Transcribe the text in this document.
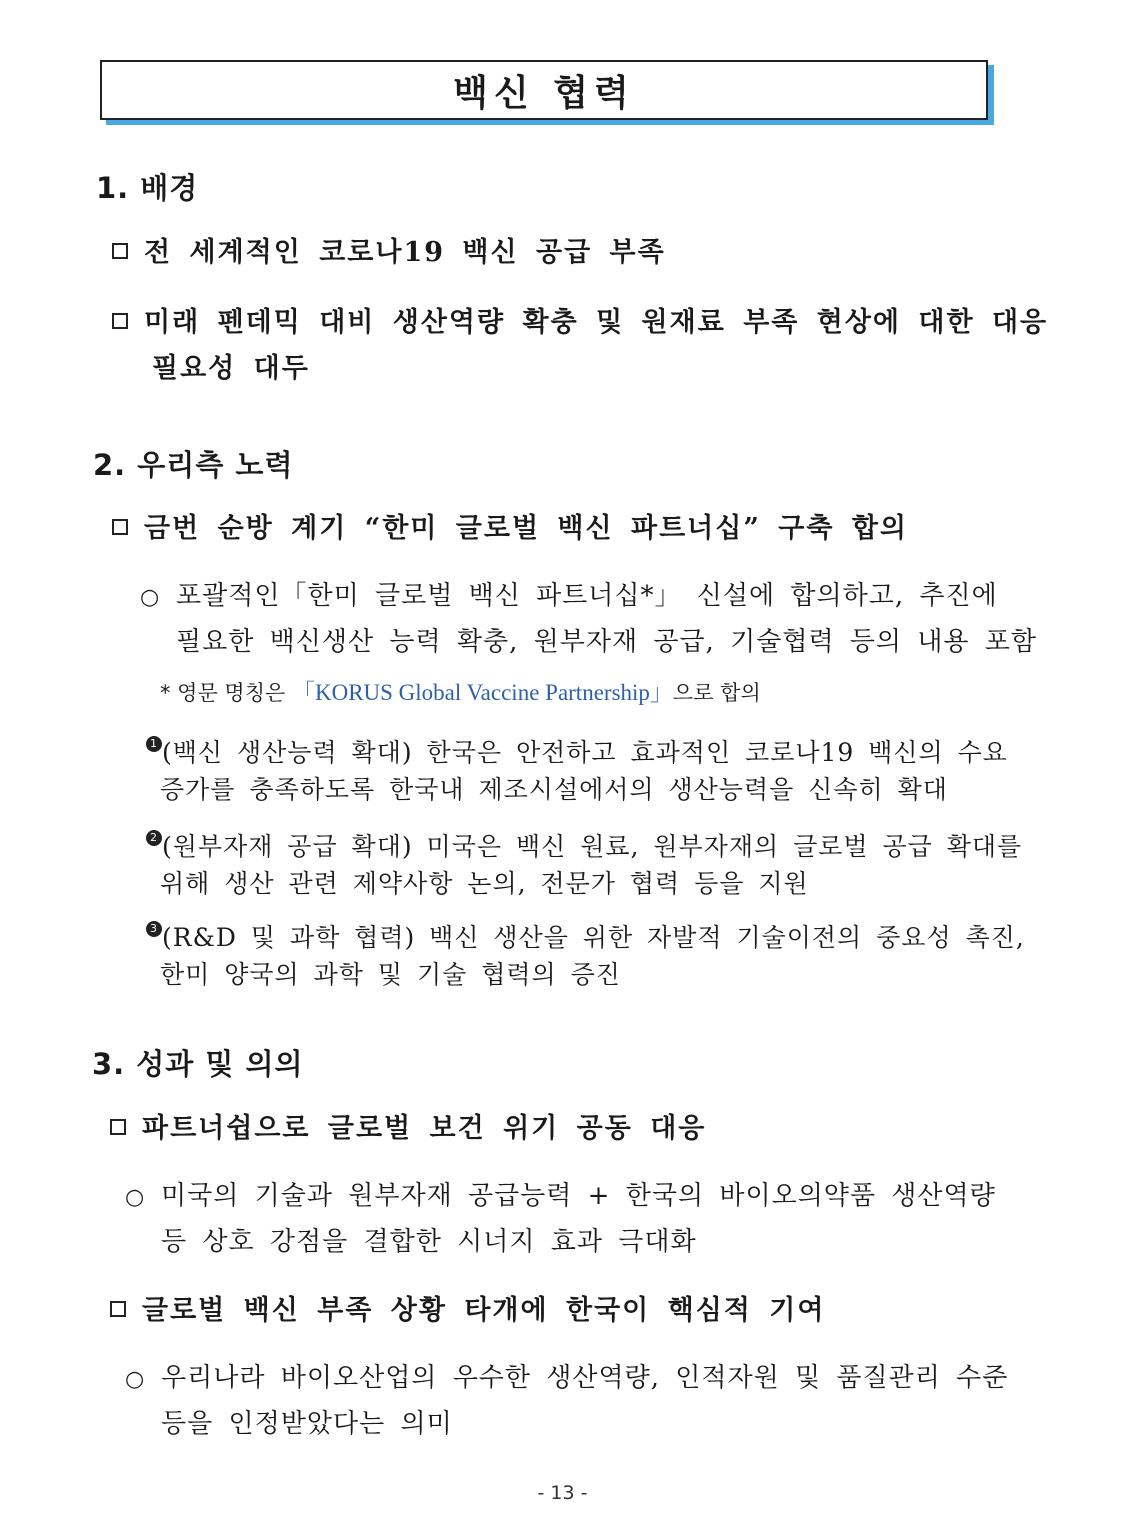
백신 협력
1. 배경
전 세계적인 코로나19 백신 공급 부족
미래 펜데믹 대비 생산역량 확충 및 원재료 부족 현상에 대한 대응
필요성 대두
2. 우리측 노력
금번 순방 계기 “한미 글로벌 백신 파트너십” 구축 합의
○ 포괄적인「한미 글로벌 백신 파트너십*」 신설에 합의하고, 추진에
필요한 백신생산 능력 확충, 원부자재 공급, 기술협력 등의 내용 포함
* 영문 명칭은 「KORUS Global Vaccine Partnership」으로 합의
1 (백신 생산능력 확대) 한국은 안전하고 효과적인 코로나19 백신의 수요
증가를 충족하도록 한국내 제조시설에서의 생산능력을 신속히 확대
2 (원부자재 공급 확대) 미국은 백신 원료, 원부자재의 글로벌 공급 확대를
위해 생산 관련 제약사항 논의, 전문가 협력 등을 지원
3 (R&D 및 과학 협력) 백신 생산을 위한 자발적 기술이전의 중요성 촉진,
한미 양국의 과학 및 기술 협력의 증진
3. 성과 및 의의
파트너쉽으로 글로벌 보건 위기 공동 대응
○ 미국의 기술과 원부자재 공급능력 + 한국의 바이오의약품 생산역량
등 상호 강점을 결합한 시너지 효과 극대화
글로벌 백신 부족 상황 타개에 한국이 핵심적 기여
○ 우리나라 바이오산업의 우수한 생산역량, 인적자원 및 품질관리 수준
등을 인정받았다는 의미
- 13 -
